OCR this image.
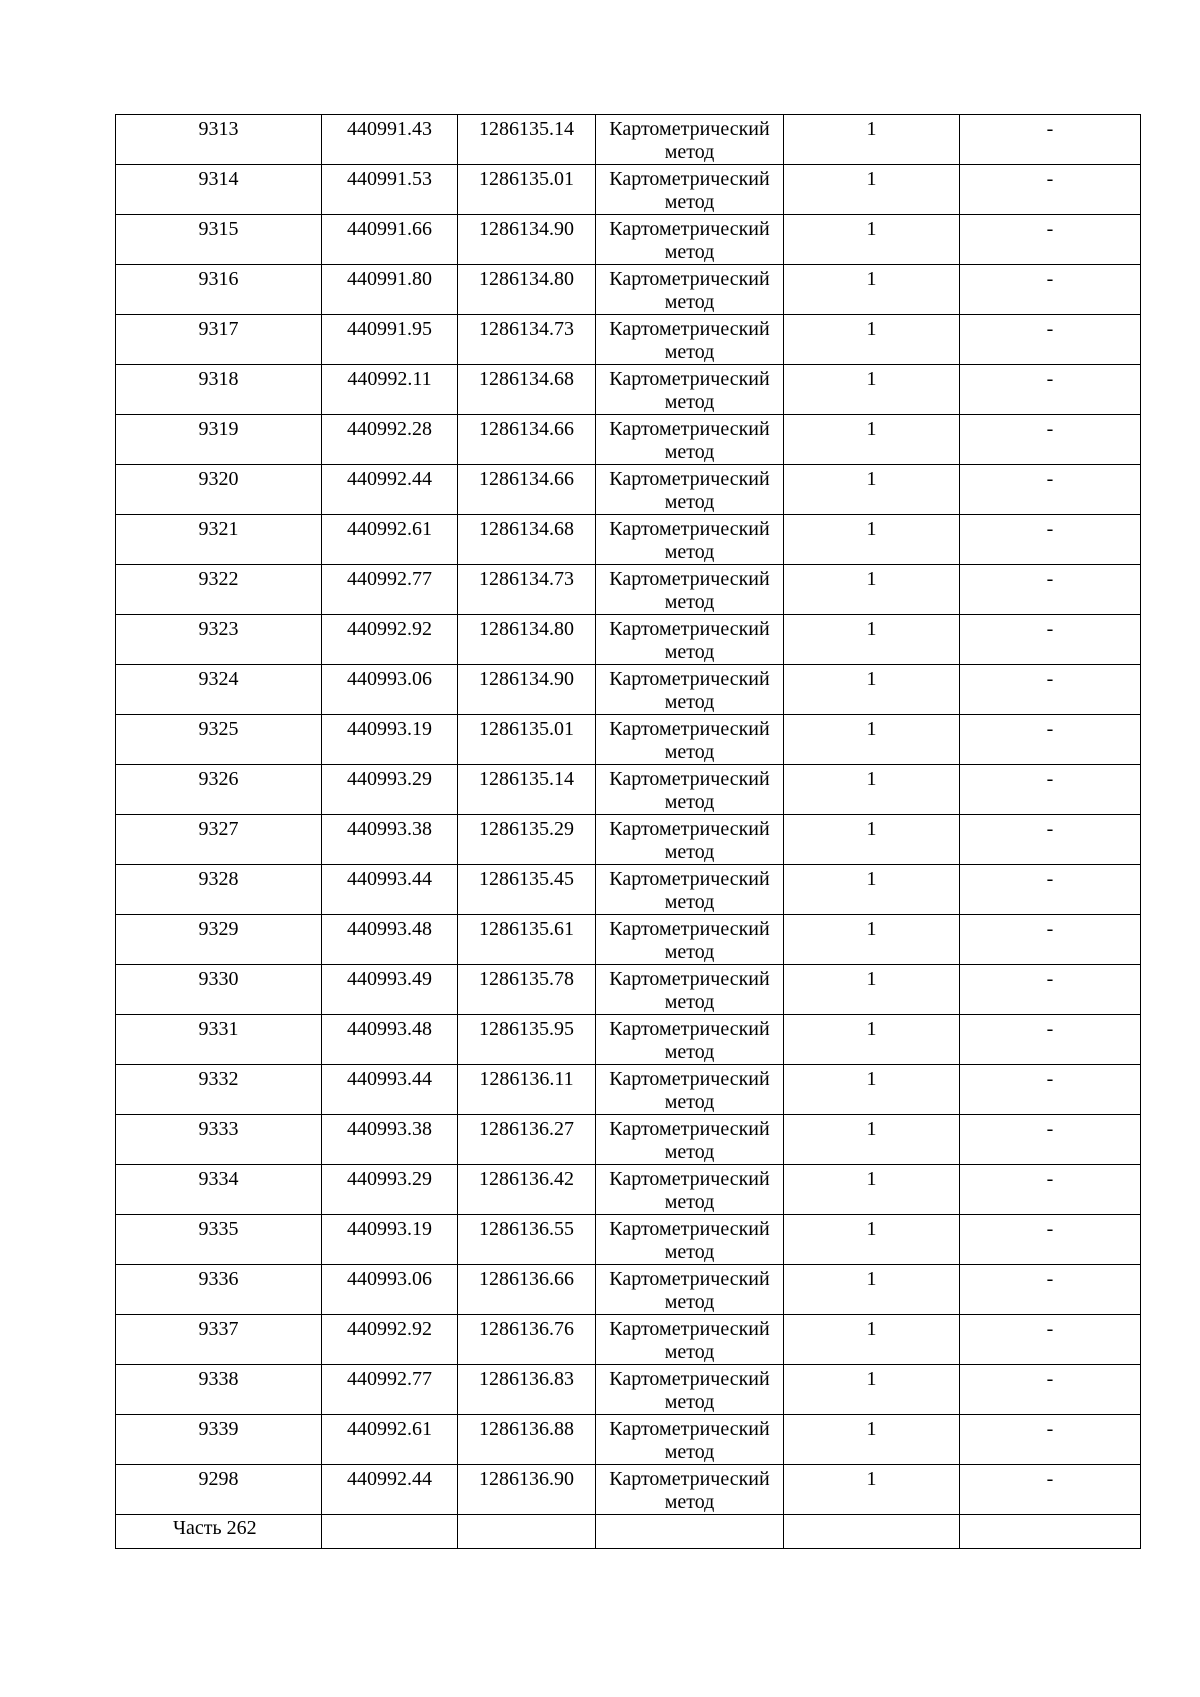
9313	440991.43	1286135.14	Картометрический метод	1	-
9314	440991.53	1286135.01	Картометрический метод	1	-
9315	440991.66	1286134.90	Картометрический метод	1	-
9316	440991.80	1286134.80	Картометрический метод	1	-
9317	440991.95	1286134.73	Картометрический метод	1	-
9318	440992.11	1286134.68	Картометрический метод	1	-
9319	440992.28	1286134.66	Картометрический метод	1	-
9320	440992.44	1286134.66	Картометрический метод	1	-
9321	440992.61	1286134.68	Картометрический метод	1	-
9322	440992.77	1286134.73	Картометрический метод	1	-
9323	440992.92	1286134.80	Картометрический метод	1	-
9324	440993.06	1286134.90	Картометрический метод	1	-
9325	440993.19	1286135.01	Картометрический метод	1	-
9326	440993.29	1286135.14	Картометрический метод	1	-
9327	440993.38	1286135.29	Картометрический метод	1	-
9328	440993.44	1286135.45	Картометрический метод	1	-
9329	440993.48	1286135.61	Картометрический метод	1	-
9330	440993.49	1286135.78	Картометрический метод	1	-
9331	440993.48	1286135.95	Картометрический метод	1	-
9332	440993.44	1286136.11	Картометрический метод	1	-
9333	440993.38	1286136.27	Картометрический метод	1	-
9334	440993.29	1286136.42	Картометрический метод	1	-
9335	440993.19	1286136.55	Картометрический метод	1	-
9336	440993.06	1286136.66	Картометрический метод	1	-
9337	440992.92	1286136.76	Картометрический метод	1	-
9338	440992.77	1286136.83	Картометрический метод	1	-
9339	440992.61	1286136.88	Картометрический метод	1	-
9298	440992.44	1286136.90	Картометрический метод	1	-
Часть 262					
